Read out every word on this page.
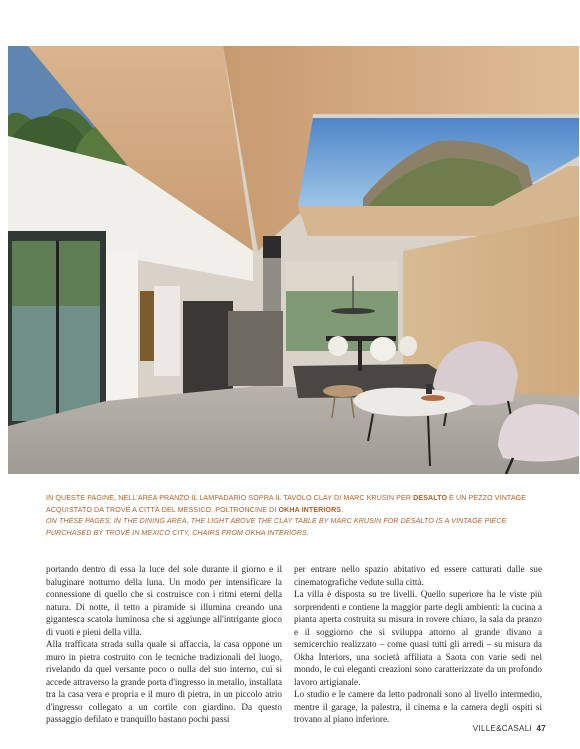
IN QUESTE PAGINE, NELL'AREA PRANZO IL LAMPADARIO SOPRA IL TAVOLO CLAY DI MARC KRUSIN PER DESALTO È UN PEZZO VINTAGE ACQUISTATO DA TROVÉ A CITTÀ DEL MESSICO. POLTRONCINE DI OKHA INTERIORS.
ON THESE PAGES: IN THE DINING AREA, THE LIGHT ABOVE THE CLAY TABLE BY MARC KRUSIN FOR DESALTO IS A VINTAGE PIECE PURCHASED BY TROVÉ IN MEXICO CITY, CHAIRS FROM OKHA INTERIORS.

portando dentro di essa la luce del sole durante il giorno e il baluginare notturno della luna. Un modo per intensificare la connessione di quello che si costruisce con i ritmi eterni della natura. Di notte, il tetto a piramide si illumina creando una gigantesca scatola luminosa che si aggiunge all'intrigante gioco di vuoti e pieni della villa.

Alla trafficata strada sulla quale si affaccia, la casa oppone un muro in pietra costruito con le tecniche tradizionali del luogo, rivelando da quel versante poco o nulla del suo interno, cui si accede attraverso la grande porta d'ingresso in metallo, installata tra la casa vera e propria e il muro di pietra, in un piccolo atrio d'ingresso collegato a un cortile con giardino. Da questo passaggio defilato e tranquillo bastano pochi passi

per entrare nello spazio abitativo ed essere catturati dalle sue cinematografiche vedute sulla città.

La villa è disposta su tre livelli. Quello superiore ha le viste più sorprendenti e contiene la maggior parte degli ambienti: la cucina a pianta aperta costruita su misura in rovere chiaro, la sala da pranzo e il soggiorno che si sviluppa attorno al grande divano a semicerchio realizzato – come quasi tutti gli arredi – su misura da Okha Interiors, una società affiliata a Saota con varie sedi nel mondo, le cui eleganti creazioni sono caratterizzate da un profondo lavoro artigianale.

Lo studio e le camere da letto padronali sono al livello intermedio, mentre il garage, la palestra, il cinema e la camera degli ospiti si trovano al piano inferiore.

VILLE&CASALI 47
